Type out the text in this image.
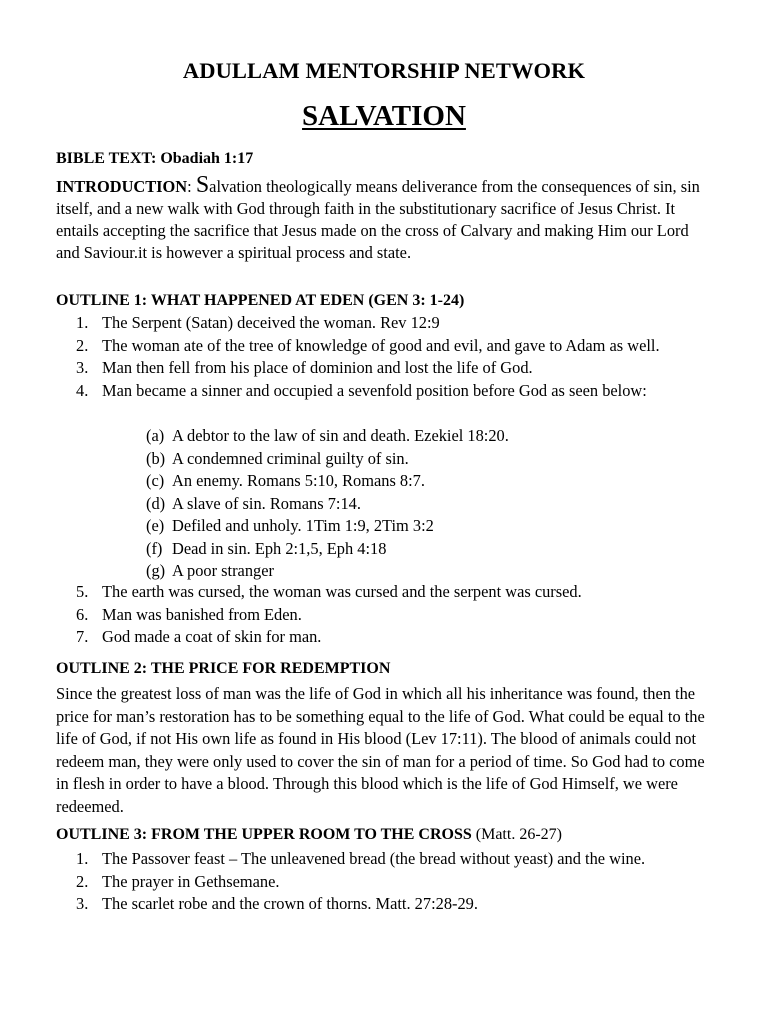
ADULLAM MENTORSHIP NETWORK
SALVATION
BIBLE TEXT: Obadiah 1:17
INTRODUCTION: Salvation theologically means deliverance from the consequences of sin, sin itself, and a new walk with God through faith in the substitutionary sacrifice of Jesus Christ. It entails accepting the sacrifice that Jesus made on the cross of Calvary and making Him our Lord and Saviour.it is however a spiritual process and state.
OUTLINE 1: WHAT HAPPENED AT EDEN (GEN 3: 1-24)
1. The Serpent (Satan) deceived the woman. Rev 12:9
2. The woman ate of the tree of knowledge of good and evil, and gave to Adam as well.
3. Man then fell from his place of dominion and lost the life of God.
4. Man became a sinner and occupied a sevenfold position before God as seen below:
(a) A debtor to the law of sin and death. Ezekiel 18:20.
(b) A condemned criminal guilty of sin.
(c) An enemy. Romans 5:10, Romans 8:7.
(d) A slave of sin. Romans 7:14.
(e) Defiled and unholy. 1Tim 1:9, 2Tim 3:2
(f) Dead in sin. Eph 2:1,5, Eph 4:18
(g) A poor stranger
5. The earth was cursed, the woman was cursed and the serpent was cursed.
6. Man was banished from Eden.
7. God made a coat of skin for man.
OUTLINE 2: THE PRICE FOR REDEMPTION
Since the greatest loss of man was the life of God in which all his inheritance was found, then the price for man’s restoration has to be something equal to the life of God. What could be equal to the life of God, if not His own life as found in His blood (Lev 17:11). The blood of animals could not redeem man, they were only used to cover the sin of man for a period of time. So God had to come in flesh in order to have a blood. Through this blood which is the life of God Himself, we were redeemed.
OUTLINE 3: FROM THE UPPER ROOM TO THE CROSS (Matt. 26-27)
1. The Passover feast – The unleavened bread (the bread without yeast) and the wine.
2. The prayer in Gethsemane.
3. The scarlet robe and the crown of thorns. Matt. 27:28-29.
